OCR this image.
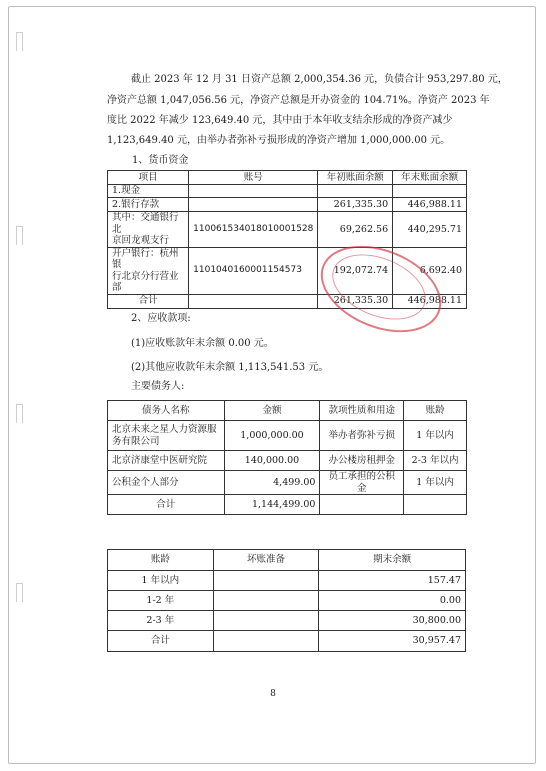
截止 2023 年 12 月 31 日资产总额 2,000,354.36 元，负债合计 953,297.80 元，
净资产总额 1,047,056.56 元，净资产总额是开办资金的 104.71%。净资产 2023 年
度比 2022 年减少 123,649.40 元，其中由于本年收支结余形成的净资产减少
1,123,649.40 元，由举办者弥补亏损形成的净资产增加 1,000,000.00 元。
1、货币资金
项目	账号	年初账面余额	年末账面余额
1.现金			
2.银行存款		261,335.30	446,988.11

其中：交通银行北
京回龙观支行	110061534018010001528	69,262.56	440,295.71

开户银行：杭州银
行北京分行营业
部	1101040160001154573	192,072.74	6,692.40
合计		261,335.30	446,988.11
2、应收款项:
(1)应收账款年末余额 0.00 元。
(2)其他应收款年末余额 1,113,541.53 元。
主要债务人:
债务人名称	金额	款项性质和用途	账龄

北京未来之星人力资源服
务有限公司	1,000,000.00	举办者弥补亏损	1 年以内
北京济康堂中医研究院	140,000.00	办公楼房租押金	2-3 年以内
公积金个人部分	4,499.00	员工承担的公积金	1 年以内
合计	1,144,499.00		
账龄	坏账准备	期末余额
1 年以内		157.47
1-2 年		0.00
2-3 年		30,800.00
合计		30,957.47
8
